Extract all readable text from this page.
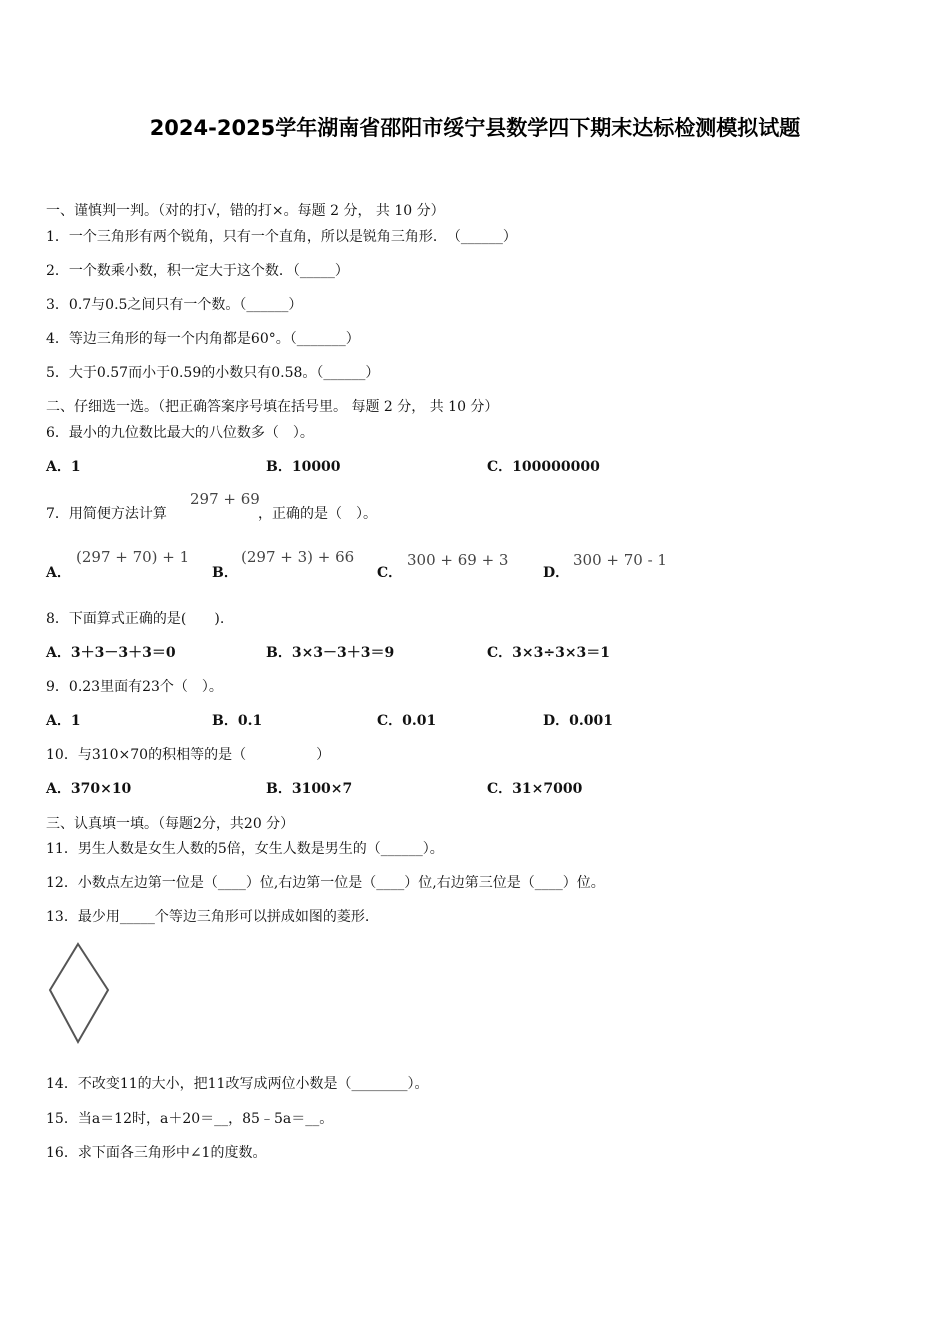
2024-2025学年湖南省邵阳市绥宁县数学四下期末达标检测模拟试题
一、谨慎判一判。（对的打√，错的打×。每题 2 分， 共 10 分）
1．一个三角形有两个锐角，只有一个直角，所以是锐角三角形．　（______）
2．一个数乘小数，积一定大于这个数．（_____）
3．0.7与0.5之间只有一个数。（______）
4．等边三角形的每一个内角都是60°。（_______）
5．大于0.57而小于0.59的小数只有0.58。（______）
二、仔细选一选。（把正确答案序号填在括号里。 每题 2 分， 共 10 分）
6．最小的九位数比最大的八位数多（　）。
A．1	B．10000	C．100000000
7．用简便方法计算
297 + 69
，正确的是（　）。
A．
(297 + 70) + 1
B．
(297 + 3) + 66
C．
300 + 69 + 3
D．
300 + 70 - 1
8．下面算式正确的是(　　).
A．3＋3－3＋3＝0	B．3×3－3＋3＝9	C．3×3÷3×3＝1
9．0.23里面有23个（　）。
A．1	B．0.1	C．0.01	D．0.001
10．与310×70的积相等的是（　　　　　）
A．370×10	B．3100×7	C．31×7000
三、认真填一填。（每题2分，共20 分）
11．男生人数是女生人数的5倍，女生人数是男生的（______）。
12．小数点左边第一位是（____）位,右边第一位是（____）位,右边第三位是（____）位。
13．最少用_____个等边三角形可以拼成如图的菱形.
14．不改变11的大小，把11改写成两位小数是（________）。
15．当a＝12时，a＋20＝__，85﹣5a＝__。
16．求下面各三角形中∠1的度数。
